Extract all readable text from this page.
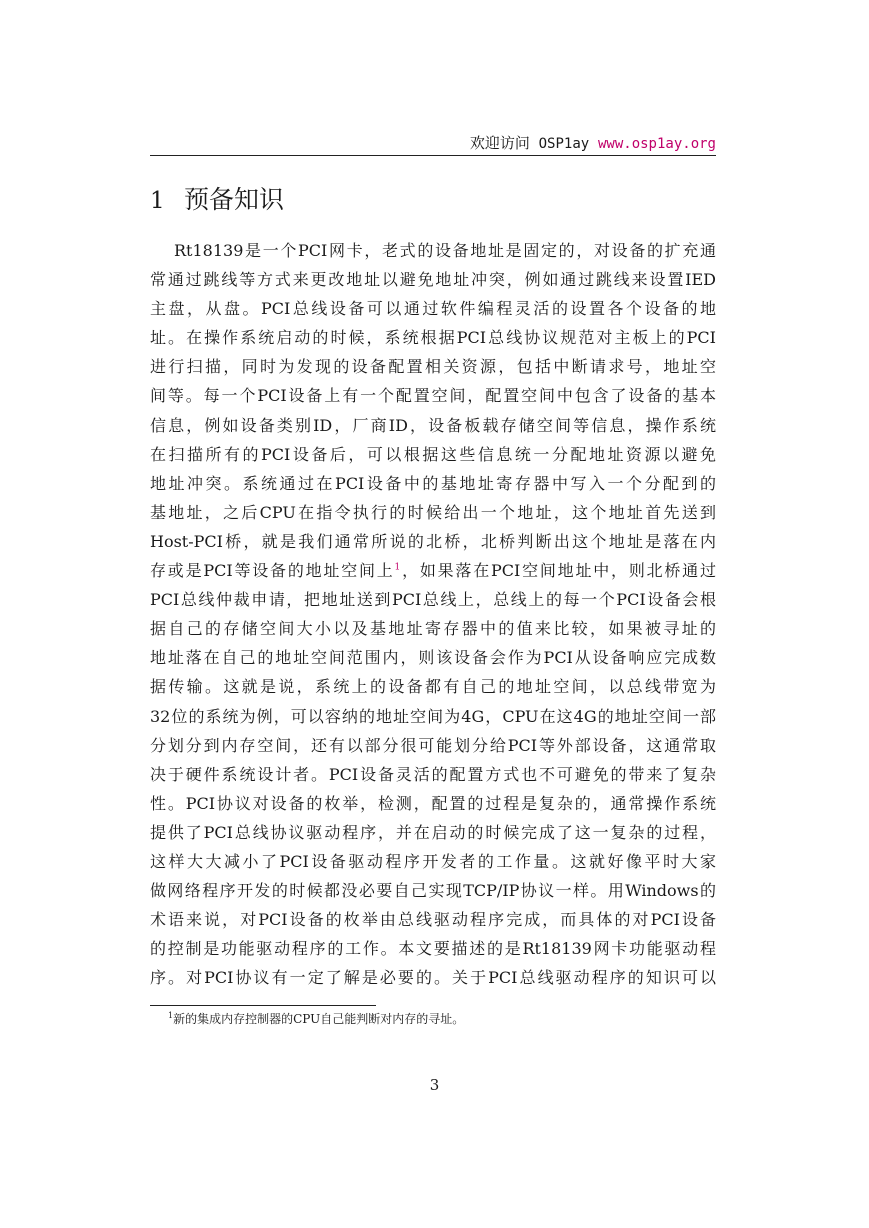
欢迎访问 OSP1ay www.osp1ay.org
1 预备知识
Rt18139是一个PCI网卡，老式的设备地址是固定的，对设备的扩充通
常通过跳线等方式来更改地址以避免地址冲突，例如通过跳线来设置IED
主盘，从盘。PCI总线设备可以通过软件编程灵活的设置各个设备的地
址。在操作系统启动的时候，系统根据PCI总线协议规范对主板上的PCI
进行扫描，同时为发现的设备配置相关资源，包括中断请求号，地址空
间等。每一个PCI设备上有一个配置空间，配置空间中包含了设备的基本
信息，例如设备类别ID，厂商ID，设备板载存储空间等信息，操作系统
在扫描所有的PCI设备后，可以根据这些信息统一分配地址资源以避免
地址冲突。系统通过在PCI设备中的基地址寄存器中写入一个分配到的
基地址，之后CPU在指令执行的时候给出一个地址，这个地址首先送到
Host-PCI桥，就是我们通常所说的北桥，北桥判断出这个地址是落在内
存或是PCI等设备的地址空间上$^1$，如果落在PCI空间地址中，则北桥通过
PCI总线仲裁申请，把地址送到PCI总线上，总线上的每一个PCI设备会根
据自己的存储空间大小以及基地址寄存器中的值来比较，如果被寻址的
地址落在自己的地址空间范围内，则该设备会作为PCI从设备响应完成数
据传输。这就是说，系统上的设备都有自己的地址空间，以总线带宽为
32位的系统为例，可以容纳的地址空间为4G，CPU在这4G的地址空间一部
分划分到内存空间，还有以部分很可能划分给PCI等外部设备，这通常取
决于硬件系统设计者。PCI设备灵活的配置方式也不可避免的带来了复杂
性。PCI协议对设备的枚举，检测，配置的过程是复杂的，通常操作系统
提供了PCI总线协议驱动程序，并在启动的时候完成了这一复杂的过程，
这样大大减小了PCI设备驱动程序开发者的工作量。这就好像平时大家
做网络程序开发的时候都没必要自己实现TCP/IP协议一样。用Windows的
术语来说，对PCI设备的枚举由总线驱动程序完成，而具体的对PCI设备
的控制是功能驱动程序的工作。本文要描述的是Rt18139网卡功能驱动程
序。对PCI协议有一定了解是必要的。关于PCI总线驱动程序的知识可以
$^1$新的集成内存控制器的CPU自己能判断对内存的寻址。
3
